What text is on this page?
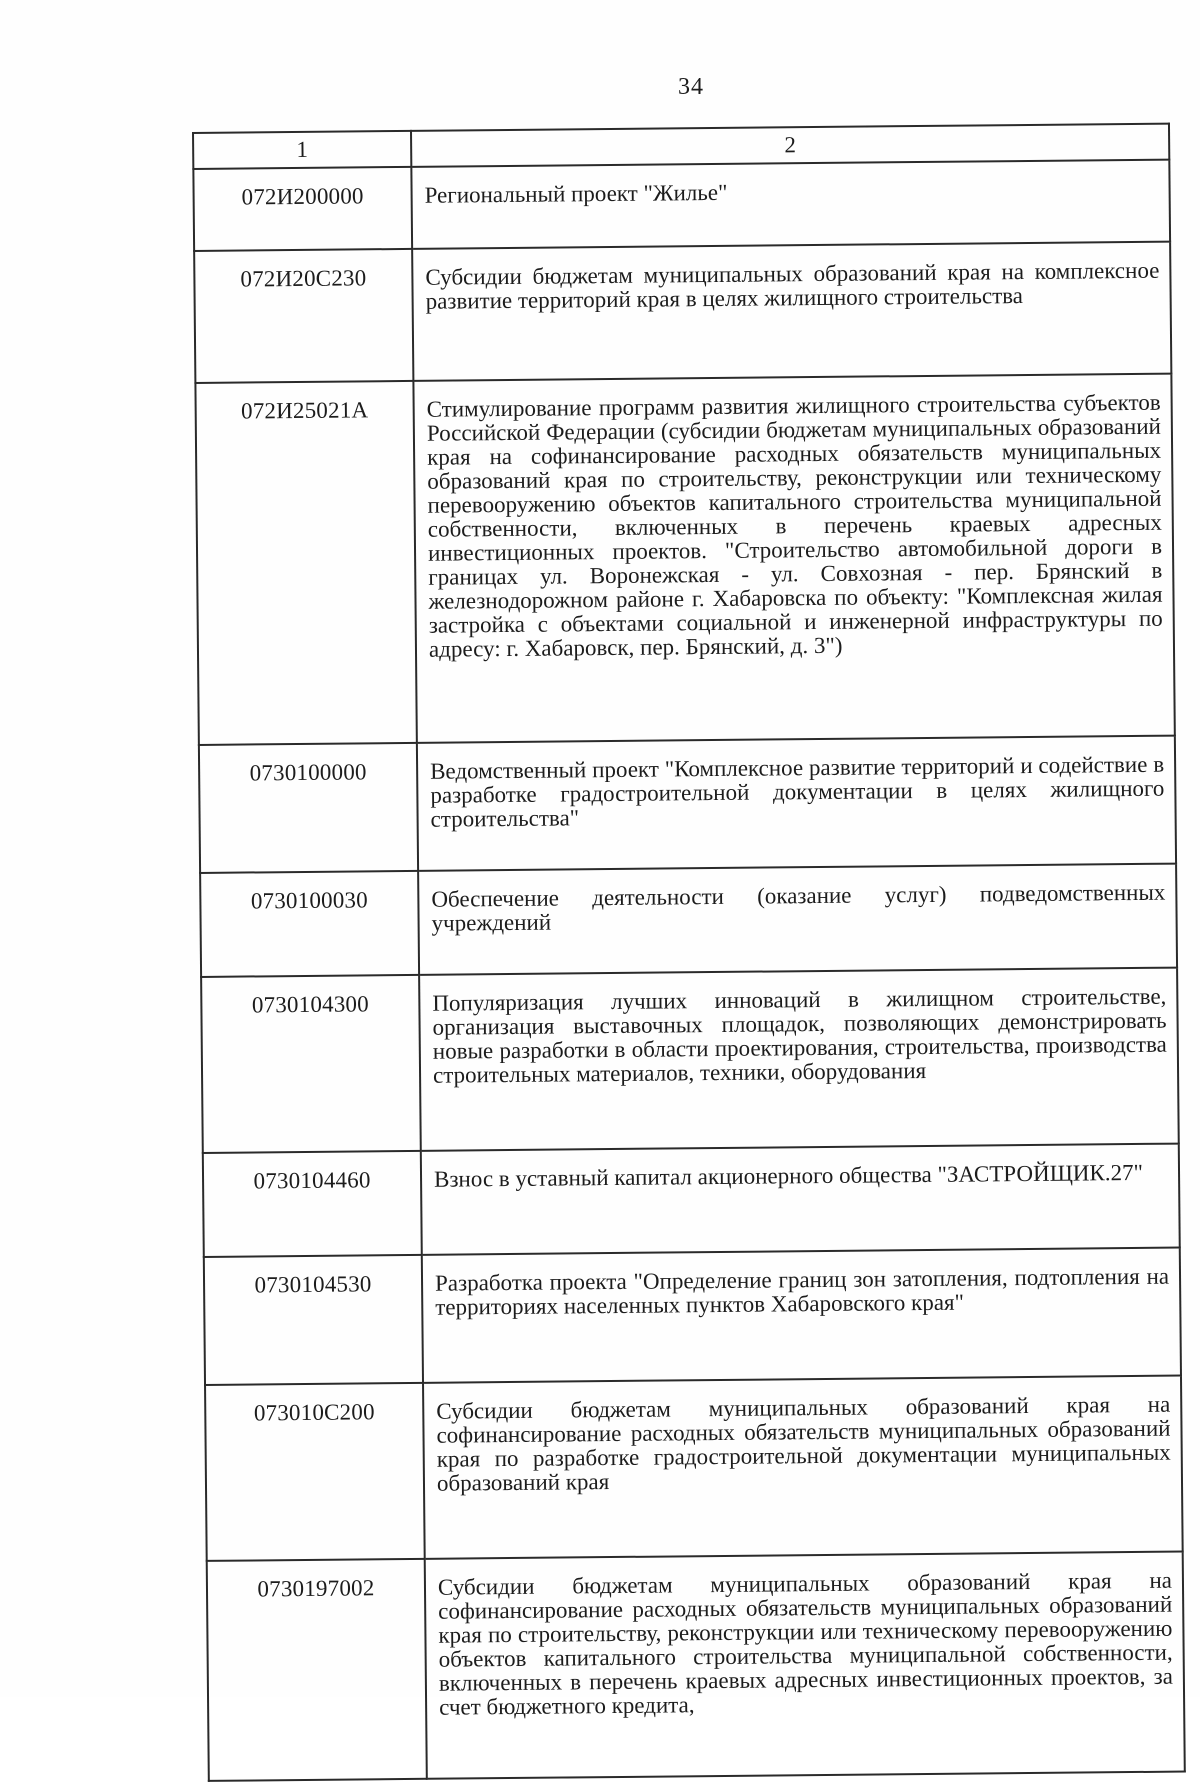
34
1	2
072И200000	Региональный проект "Жилье"
072И20С230	Субсидии бюджетам муниципальных образований края на комплексное развитие территорий края в целях жилищного строительства
072И25021А	Стимулирование программ развития жилищного строительства субъектов Российской Федерации (субсидии бюджетам муниципальных образований края на софинансирование расходных обязательств муниципальных образований края по строительству, реконструкции или техническому перевооружению объектов капитального строительства муниципальной собственности, включенных в перечень краевых адресных инвестиционных проектов. "Строительство автомобильной дороги в границах ул. Воронежская - ул. Совхозная - пер. Брянский в железнодорожном районе г. Хабаровска по объекту: "Комплексная жилая застройка с объектами социальной и инженерной инфраструктуры по адресу: г. Хабаровск, пер. Брянский, д. 3")
0730100000	Ведомственный проект "Комплексное развитие территорий и содействие в разработке градостроительной документации в целях жилищного строительства"
0730100030	Обеспечение деятельности (оказание услуг) подведомственных учреждений
0730104300	Популяризация лучших инноваций в жилищном строительстве, организация выставочных площадок, позволяющих демонстрировать новые разработки в области проектирования, строительства, производства строительных материалов, техники, оборудования
0730104460	Взнос в уставный капитал акционерного общества "ЗАСТРОЙЩИК.27"
0730104530	Разработка проекта "Определение границ зон затопления, подтопления на территориях населенных пунктов Хабаровского края"
073010С200	Субсидии бюджетам муниципальных образований края на софинансирование расходных обязательств муниципальных образований края по разработке градостроительной документации муниципальных образований края
0730197002	Субсидии бюджетам муниципальных образований края на софинансирование расходных обязательств муниципальных образований края по строительству, реконструкции или техническому перевооружению объектов капитального строительства муниципальной собственности, включенных в перечень краевых адресных инвестиционных проектов, за счет бюджетного кредита,
